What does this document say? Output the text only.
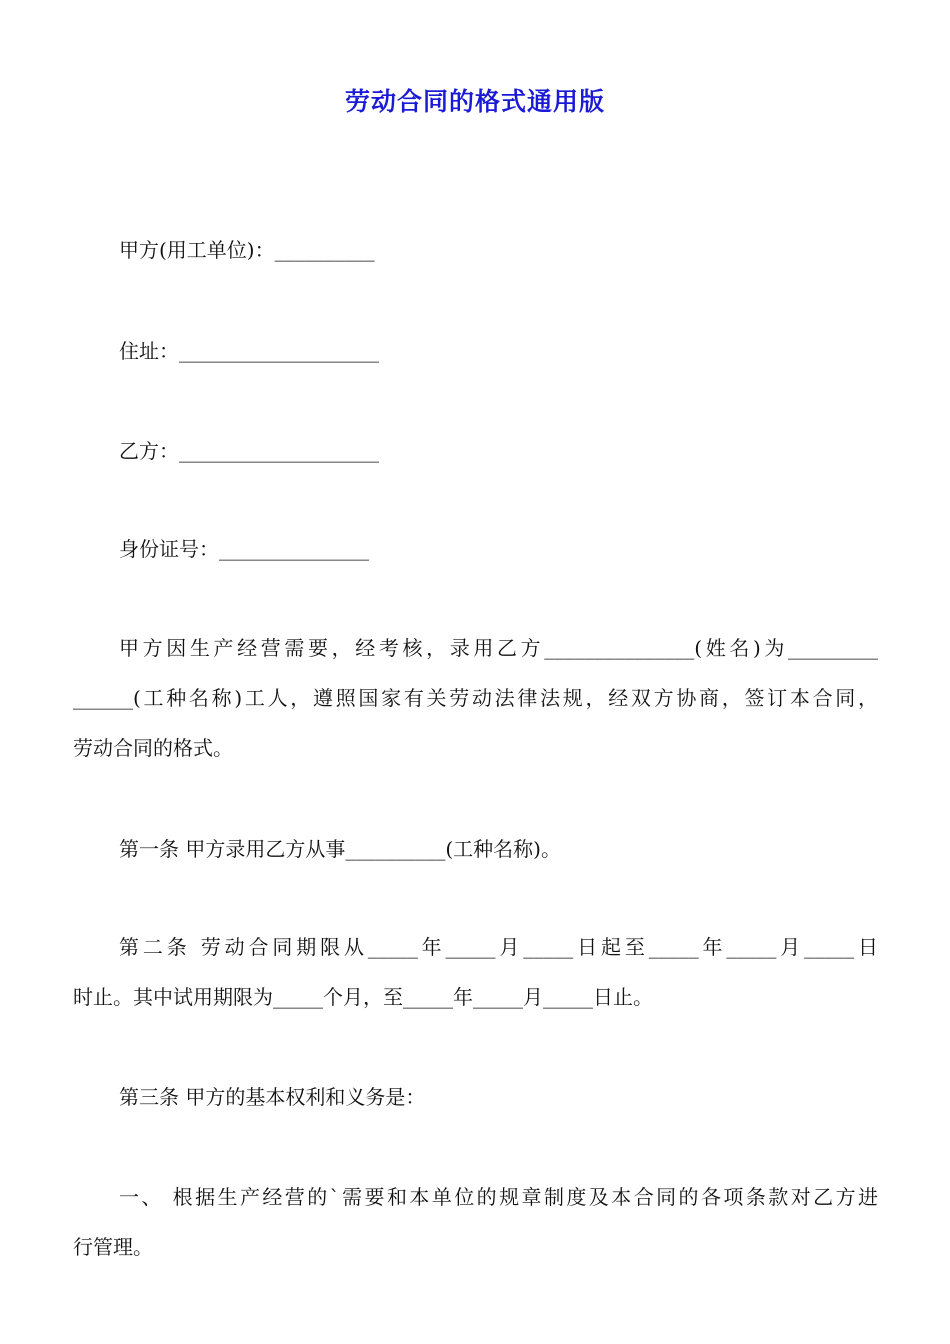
劳动合同的格式通用版
甲方(用工单位)：__________
住址：____________________
乙方：____________________
身份证号：_______________
甲方因生产经营需要，经考核，录用乙方_______________(姓名)为_________
______(工种名称)工人，遵照国家有关劳动法律法规，经双方协商，签订本合同，
劳动合同的格式。
第一条 甲方录用乙方从事__________(工种名称)。
第二条 劳动合同期限从_____年_____月_____日起至_____年_____月_____日
时止。其中试用期限为_____个月，至_____年_____月_____日止。
第三条 甲方的基本权利和义务是：
一、 根据生产经营的`需要和本单位的规章制度及本合同的各项条款对乙方进
行管理。
